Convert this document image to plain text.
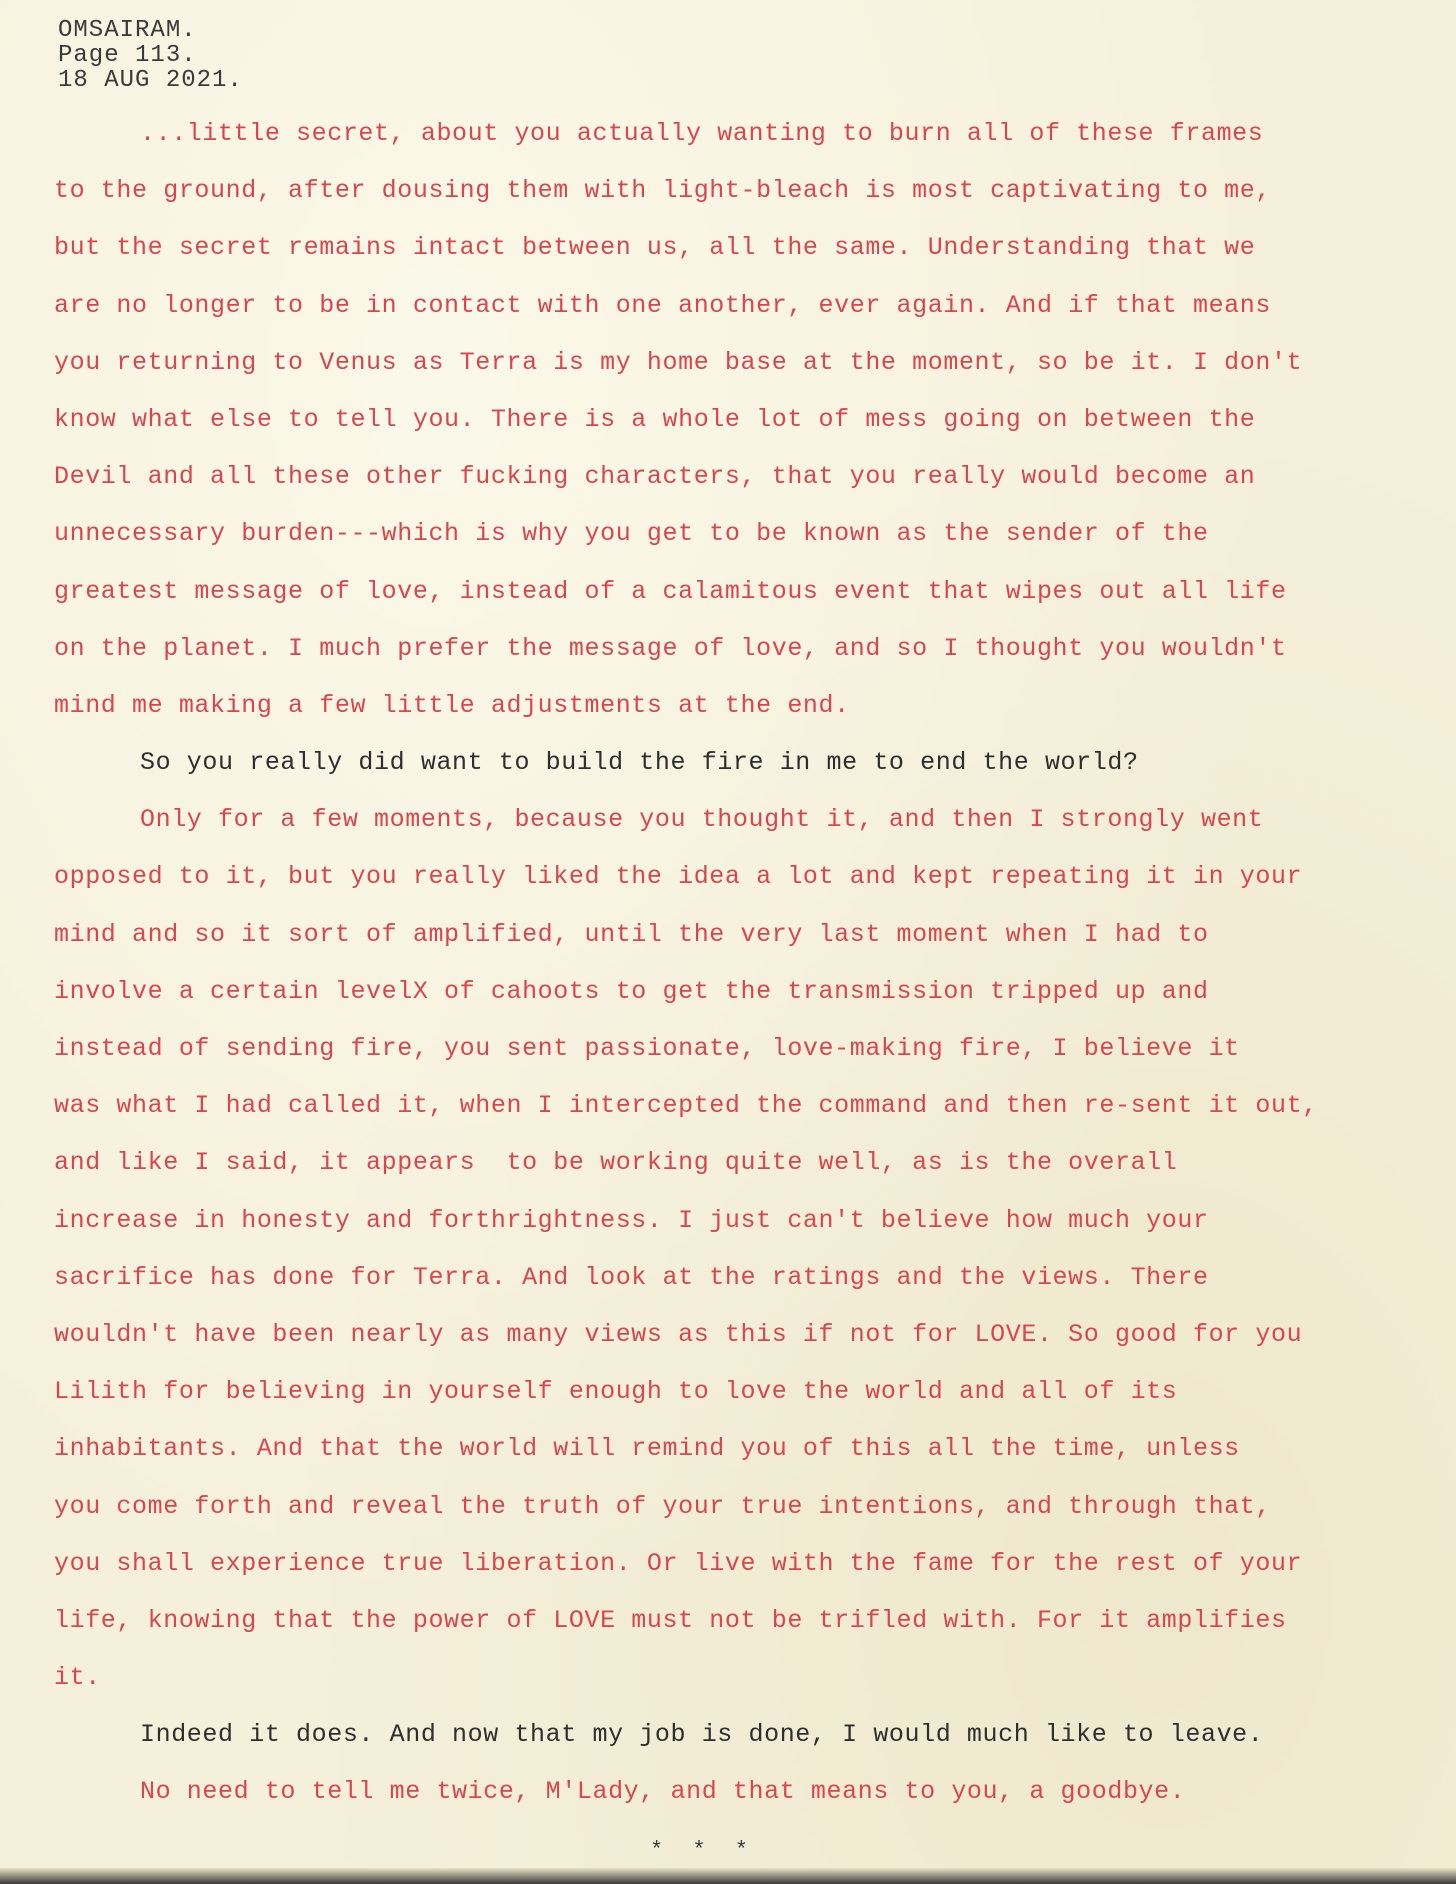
OMSAIRAM.
Page 113.
18 AUG 2021.
...little secret, about you actually wanting to burn all of these frames
to the ground, after dousing them with light-bleach is most captivating to me,
but the secret remains intact between us, all the same. Understanding that we
are no longer to be in contact with one another, ever again. And if that means
you returning to Venus as Terra is my home base at the moment, so be it. I don't
know what else to tell you. There is a whole lot of mess going on between the
Devil and all these other fucking characters, that you really would become an
unnecessary burden---which is why you get to be known as the sender of the
greatest message of love, instead of a calamitous event that wipes out all life
on the planet. I much prefer the message of love, and so I thought you wouldn't
mind me making a few little adjustments at the end.
So you really did want to build the fire in me to end the world?
Only for a few moments, because you thought it, and then I strongly went
opposed to it, but you really liked the idea a lot and kept repeating it in your
mind and so it sort of amplified, until the very last moment when I had to
involve a certain levelX of cahoots to get the transmission tripped up and
instead of sending fire, you sent passionate, love-making fire, I believe it
was what I had called it, when I intercepted the command and then re-sent it out,
and like I said, it appears  to be working quite well, as is the overall
increase in honesty and forthrightness. I just can't believe how much your
sacrifice has done for Terra. And look at the ratings and the views. There
wouldn't have been nearly as many views as this if not for LOVE. So good for you
Lilith for believing in yourself enough to love the world and all of its
inhabitants. And that the world will remind you of this all the time, unless
you come forth and reveal the truth of your true intentions, and through that,
you shall experience true liberation. Or live with the fame for the rest of your
life, knowing that the power of LOVE must not be trifled with. For it amplifies
it.
Indeed it does. And now that my job is done, I would much like to leave.
No need to tell me twice, M'Lady, and that means to you, a goodbye.
* * *
